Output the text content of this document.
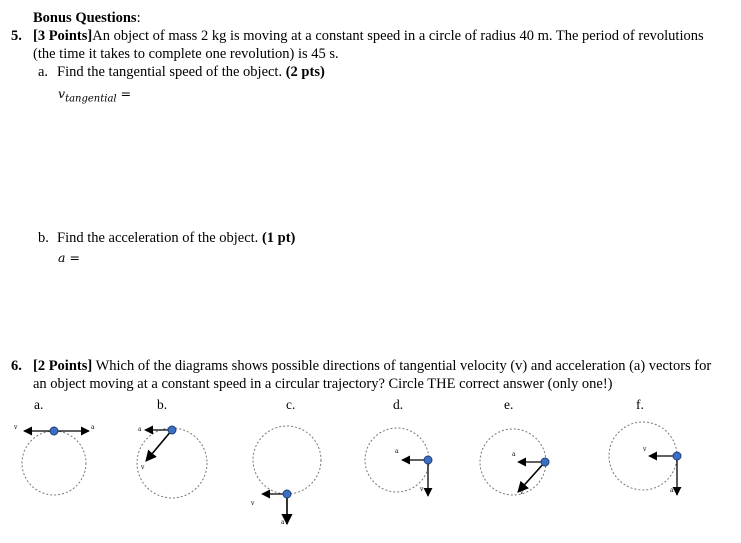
Bonus Questions:
5. [3 Points]An object of mass 2 kg is moving at a constant speed in a circle of radius 40 m. The period of revolutions
(the time it takes to complete one revolution) is 45 s.
a. Find the tangential speed of the object. (2 pts)
$v_{tangential}$ =
b. Find the acceleration of the object. (1 pt)
a =
6. [2 Points] Which of the diagrams shows possible directions of tangential velocity (v) and acceleration (a) vectors for
an object moving at a constant speed in a circular trajectory? Circle THE correct answer (only one!)
a.	b.	c.	d.	e.	f.
v	a	a
v
v
a
a
v
a
v
v
a
